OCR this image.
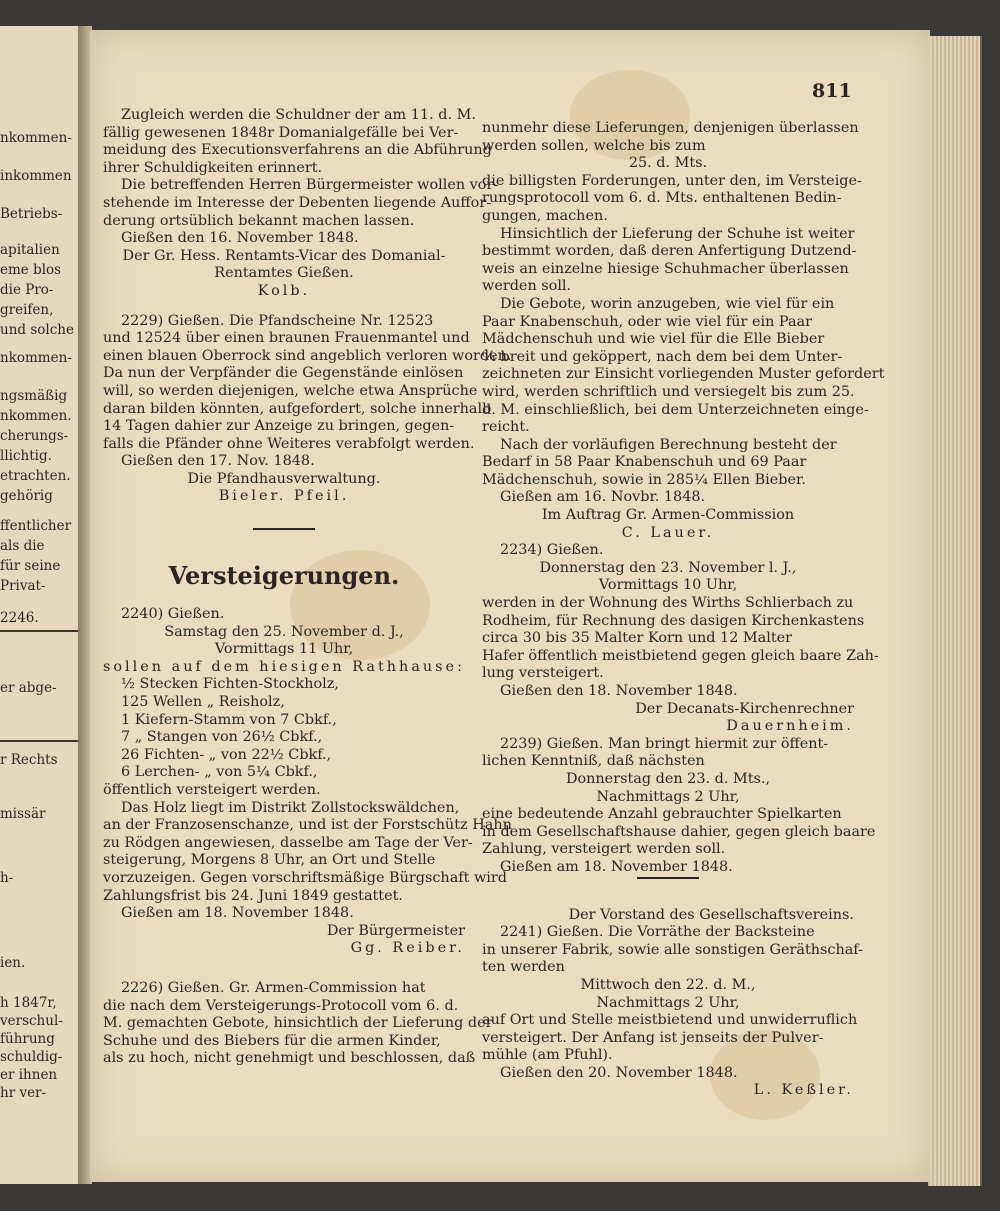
nkommen-
inkommen
Betriebs-
apitalien
eme blos
die Pro-
greifen,
und solche
nkommen-
ngsmäßig
nkommen.
cherungs-
llichtig.
etrachten.
gehörig
ffentlicher
als die
für seine
Privat-
2246.
er abge-
r Rechts
missär
h-
ien.
h 1847r,
verschul-
führung
schuldig-
er ihnen
hr ver-
811
Zugleich werden die Schuldner der am 11. d. M.
fällig gewesenen 1848r Domanialgefälle bei Ver-
meidung des Executionsverfahrens an die Abführung
ihrer Schuldigkeiten erinnert.
Die betreffenden Herren Bürgermeister wollen vor-
stehende im Interesse der Debenten liegende Auffor-
derung ortsüblich bekannt machen lassen.
Gießen den 16. November 1848.
Der Gr. Hess. Rentamts-Vicar des Domanial-
Rentamtes Gießen.
Kolb.
2229) Gießen. Die Pfandscheine Nr. 12523
und 12524 über einen braunen Frauenmantel und
einen blauen Oberrock sind angeblich verloren worden.
Da nun der Verpfänder die Gegenstände einlösen
will, so werden diejenigen, welche etwa Ansprüche
daran bilden könnten, aufgefordert, solche innerhalb
14 Tagen dahier zur Anzeige zu bringen, gegen-
falls die Pfänder ohne Weiteres verabfolgt werden.
Gießen den 17. Nov. 1848.
Die Pfandhausverwaltung.
Bieler. Pfeil.
Versteigerungen.
2240) Gießen.
Samstag den 25. November d. J.,
Vormittags 11 Uhr,
sollen auf dem hiesigen Rathhause:
½ Stecken Fichten-Stockholz,
125 Wellen „ Reisholz,
1 Kiefern-Stamm von 7 Cbkf.,
7 „ Stangen von 26½ Cbkf.,
26 Fichten- „ von 22½ Cbkf.,
6 Lerchen- „ von 5¼ Cbkf.,
öffentlich versteigert werden.
Das Holz liegt im Distrikt Zollstockswäldchen,
an der Franzosenschanze, und ist der Forstschütz Hahn
zu Rödgen angewiesen, dasselbe am Tage der Ver-
steigerung, Morgens 8 Uhr, an Ort und Stelle
vorzuzeigen. Gegen vorschriftsmäßige Bürgschaft wird
Zahlungsfrist bis 24. Juni 1849 gestattet.
Gießen am 18. November 1848.
Der Bürgermeister
Gg. Reiber.
2226) Gießen. Gr. Armen-Commission hat
die nach dem Versteigerungs-Protocoll vom 6. d.
M. gemachten Gebote, hinsichtlich der Lieferung der
Schuhe und des Biebers für die armen Kinder,
als zu hoch, nicht genehmigt und beschlossen, daß
nunmehr diese Lieferungen, denjenigen überlassen
werden sollen, welche bis zum
25. d. Mts.
die billigsten Forderungen, unter den, im Versteige-
rungsprotocoll vom 6. d. Mts. enthaltenen Bedin-
gungen, machen.
Hinsichtlich der Lieferung der Schuhe ist weiter
bestimmt worden, daß deren Anfertigung Dutzend-
weis an einzelne hiesige Schuhmacher überlassen
werden soll.
Die Gebote, worin anzugeben, wie viel für ein
Paar Knabenschuh, oder wie viel für ein Paar
Mädchenschuh und wie viel für die Elle Bieber
⁶⁄₄ breit und geköppert, nach dem bei dem Unter-
zeichneten zur Einsicht vorliegenden Muster gefordert
wird, werden schriftlich und versiegelt bis zum 25.
d. M. einschließlich, bei dem Unterzeichneten einge-
reicht.
Nach der vorläufigen Berechnung besteht der
Bedarf in 58 Paar Knabenschuh und 69 Paar
Mädchenschuh, sowie in 285¼ Ellen Bieber.
Gießen am 16. Novbr. 1848.
Im Auftrag Gr. Armen-Commission
C. Lauer.
2234) Gießen.
Donnerstag den 23. November l. J.,
Vormittags 10 Uhr,
werden in der Wohnung des Wirths Schlierbach zu
Rodheim, für Rechnung des dasigen Kirchenkastens
circa 30 bis 35 Malter Korn und 12 Malter
Hafer öffentlich meistbietend gegen gleich baare Zah-
lung versteigert.
Gießen den 18. November 1848.
Der Decanats-Kirchenrechner
Dauernheim.
2239) Gießen. Man bringt hiermit zur öffent-
lichen Kenntniß, daß nächsten
Donnerstag den 23. d. Mts.,
Nachmittags 2 Uhr,
eine bedeutende Anzahl gebrauchter Spielkarten
in dem Gesellschaftshause dahier, gegen gleich baare
Zahlung, versteigert werden soll.
Gießen am 18. November 1848.
Der Vorstand des Gesellschaftsvereins.
2241) Gießen. Die Vorräthe der Backsteine
in unserer Fabrik, sowie alle sonstigen Geräthschaf-
ten werden
Mittwoch den 22. d. M.,
Nachmittags 2 Uhr,
auf Ort und Stelle meistbietend und unwiderruflich
versteigert. Der Anfang ist jenseits der Pulver-
mühle (am Pfuhl).
Gießen den 20. November 1848.
L. Keßler.
